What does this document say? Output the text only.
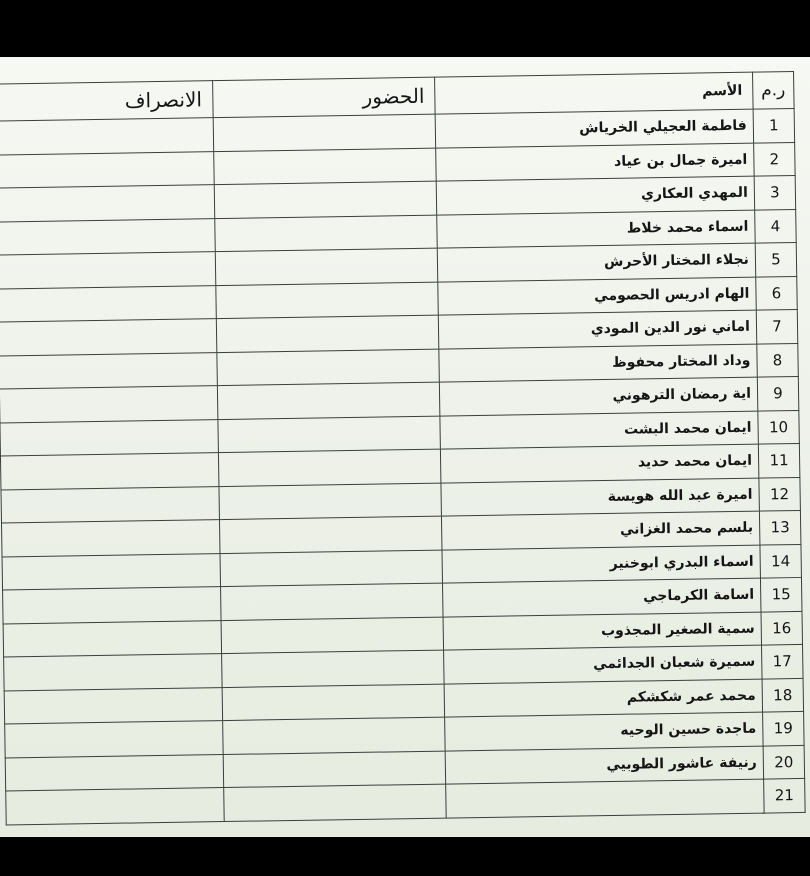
ر.م	الأسم	الحضور	الانصراف
1	فاطمة العجيلي الخرياش		
2	اميرة جمال بن عياد		
3	المهدي العكاري		
4	اسماء محمد خلاط		
5	نجلاء المختار الأحرش		
6	الهام ادريس الحصومي		
7	اماني نور الدين المودي		
8	وداد المختار محفوظ		
9	اية رمضان الترهوني		
10	ايمان محمد البشت		
11	ايمان محمد حديد		
12	اميرة عبد الله هويسة		
13	بلسم محمد الغزاني		
14	اسماء البدري ابوخنير		
15	اسامة الكرماجي		
16	سمية الصغير المجذوب		
17	سميرة شعبان الجدائمي		
18	محمد عمر شكشكم		
19	ماجدة حسين الوحيه		
20	رنيفة عاشور الطوبيي		
21			
